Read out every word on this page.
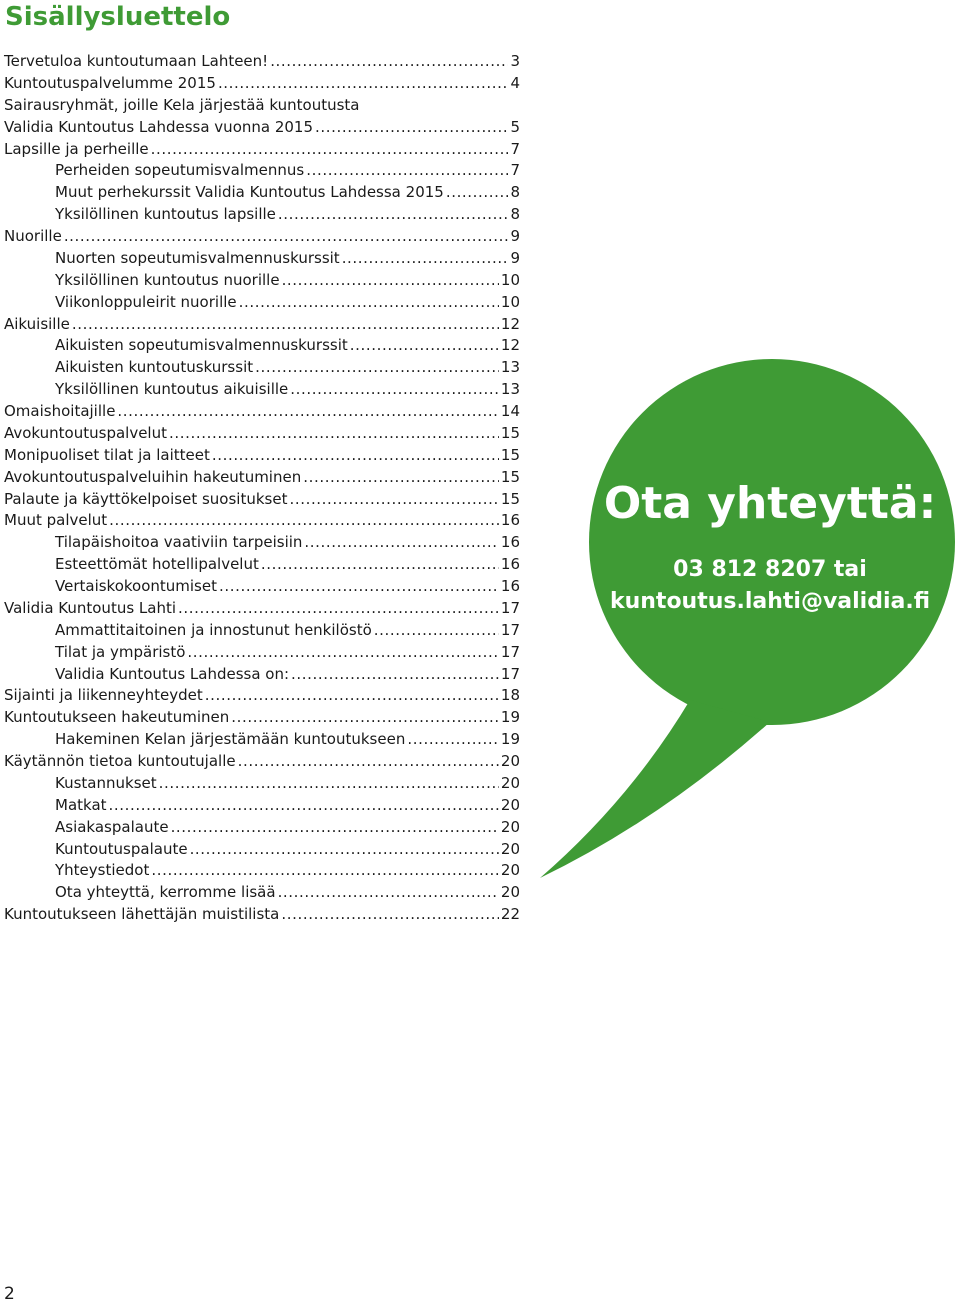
Sisällysluettelo
Tervetuloa kuntoutumaan Lahteen! .....	3
Kuntoutuspalvelumme 2015 .....	4
Sairausryhmät, joille Kela järjestää kuntoutusta
Validia Kuntoutus Lahdessa vuonna 2015 .....	5
Lapsille ja perheille .....	7
Perheiden sopeutumisvalmennus .....	7
Muut perhekurssit Validia Kuntoutus Lahdessa 2015 .....	8
Yksilöllinen kuntoutus lapsille .....	8
Nuorille .....	9
Nuorten sopeutumisvalmennuskurssit .....	9
Yksilöllinen kuntoutus nuorille .....	10
Viikonloppuleirit nuorille .....	10
Aikuisille .....	12
Aikuisten sopeutumisvalmennuskurssit .....	12
Aikuisten kuntoutuskurssit .....	13
Yksilöllinen kuntoutus aikuisille .....	13
Omaishoitajille .....	14
Avokuntoutuspalvelut .....	15
Monipuoliset tilat ja laitteet .....	15
Avokuntoutuspalveluihin hakeutuminen .....	15
Palaute ja käyttökelpoiset suositukset .....	15
Muut palvelut .....	16
Tilapäishoitoa vaativiin tarpeisiin .....	16
Esteettömät hotellipalvelut .....	16
Vertaiskokoontumiset .....	16
Validia Kuntoutus Lahti .....	17
Ammattitaitoinen ja innostunut henkilöstö .....	17
Tilat ja ympäristö .....	17
Validia Kuntoutus Lahdessa on: .....	17
Sijainti ja liikenneyhteydet .....	18
Kuntoutukseen hakeutuminen .....	19
Hakeminen Kelan järjestämään kuntoutukseen .....	19
Käytännön tietoa kuntoutujalle .....	20
Kustannukset .....	20
Matkat .....	20
Asiakaspalaute .....	20
Kuntoutuspalaute .....	20
Yhteystiedot .....	20
Ota yhteyttä, kerromme lisää .....	20
Kuntoutukseen lähettäjän muistilista .....	22
Ota yhteyttä:
03 812 8207 tai
kuntoutus.lahti@validia.fi
2
